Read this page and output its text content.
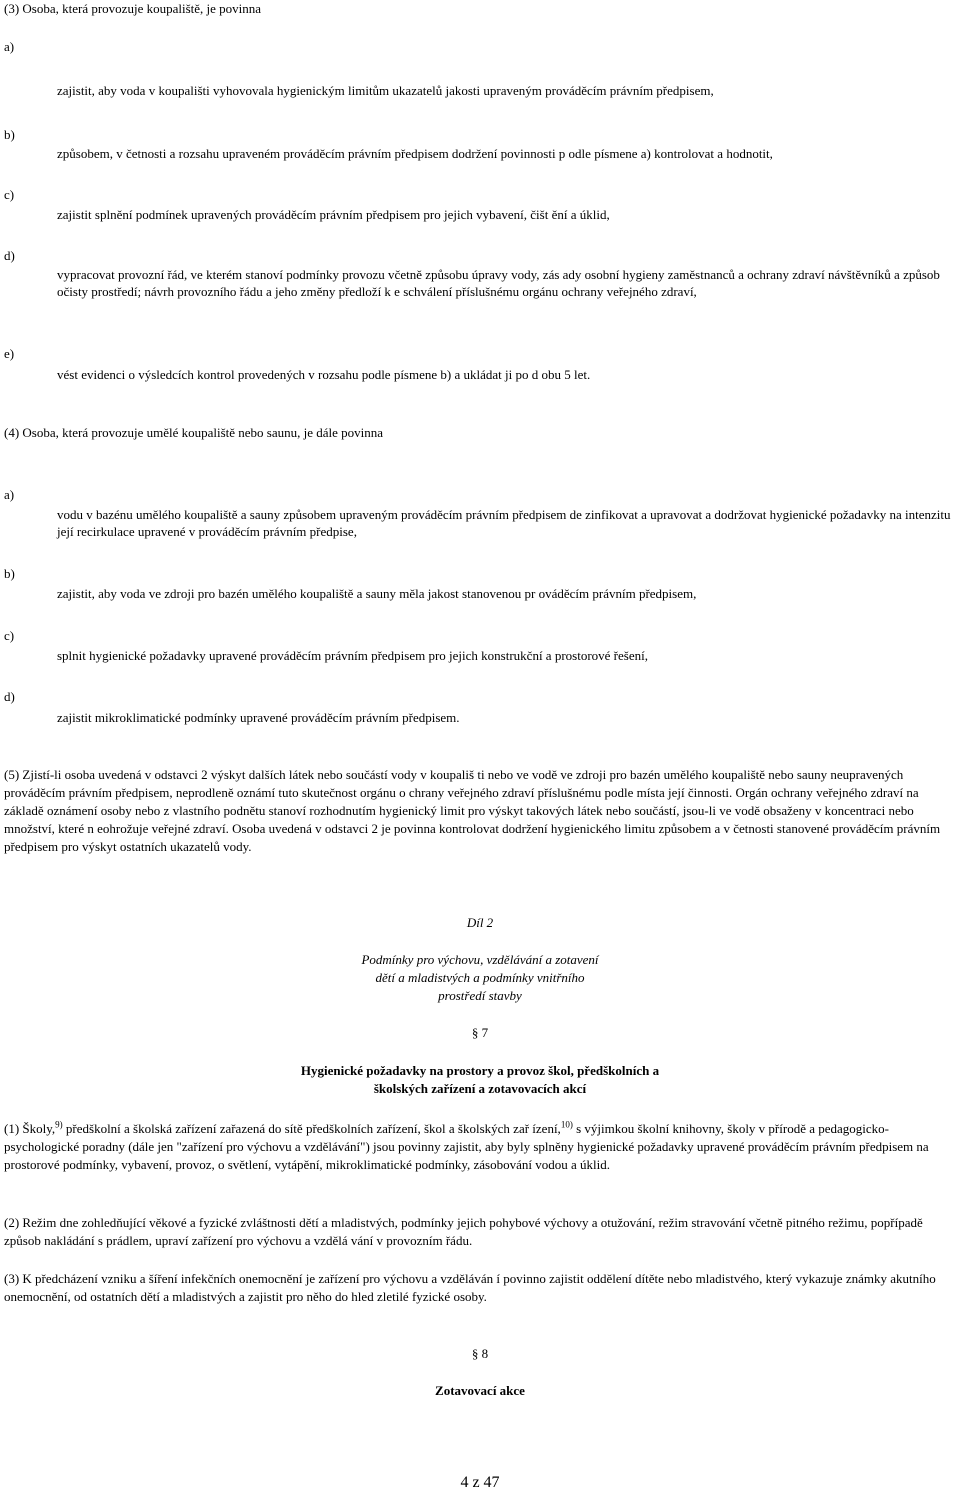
(3) Osoba, která provozuje koupaliště, je povinna
a)
zajistit, aby voda v koupališti vyhovovala hygienickým limitům ukazatelů jakosti upraveným prováděcím právním předpisem,
b)
způsobem, v četnosti a rozsahu upraveném prováděcím právním předpisem dodržení povinnosti p odle písmene a) kontrolovat a hodnotit,
c)
zajistit splnění podmínek upravených prováděcím právním předpisem pro jejich vybavení, čišt ění a úklid,
d)
vypracovat provozní řád, ve kterém stanoví podmínky provozu včetně způsobu úpravy vody, zás ady osobní hygieny zaměstnanců a ochrany zdraví návštěvníků a způsob očisty prostředí; návrh provozního řádu a jeho změny předloží k e schválení příslušnému orgánu ochrany veřejného zdraví,
e)
vést evidenci o výsledcích kontrol provedených v rozsahu podle písmene b) a ukládat ji po d obu 5 let.
(4) Osoba, která provozuje umělé koupaliště nebo saunu, je dále povinna
a)
vodu v bazénu umělého koupaliště a sauny způsobem upraveným prováděcím právním předpisem de zinfikovat a upravovat a dodržovat hygienické požadavky na intenzitu její recirkulace upravené v prováděcím právním předpise,
b)
zajistit, aby voda ve zdroji pro bazén umělého koupaliště a sauny měla jakost stanovenou pr ováděcím právním předpisem,
c)
splnit hygienické požadavky upravené prováděcím právním předpisem pro jejich konstrukční a prostorové řešení,
d)
zajistit mikroklimatické podmínky upravené prováděcím právním předpisem.
(5) Zjistí-li osoba uvedená v odstavci 2 výskyt dalších látek nebo součástí vody v koupališ ti nebo ve vodě ve zdroji pro bazén umělého koupaliště nebo sauny neupravených prováděcím právním předpisem, neprodleně oznámí tuto skutečnost orgánu o chrany veřejného zdraví příslušnému podle místa její činnosti. Orgán ochrany veřejného zdraví na základě oznámení osoby nebo z vlastního podnětu stanoví rozhodnutím hygienický limit pro výskyt takových látek nebo součástí, jsou-li ve vodě obsaženy v koncentraci nebo množství, které n eohrožuje veřejné zdraví. Osoba uvedená v odstavci 2 je povinna kontrolovat dodržení hygienického limitu způsobem a v četnosti stanovené prováděcím právním předpisem pro výskyt ostatních ukazatelů vody.
Díl 2
Podmínky pro výchovu, vzdělávání a zotavení
dětí a mladistvých a podmínky vnitřního
prostředí stavby
§ 7
Hygienické požadavky na prostory a provoz škol, předškolních a
školských zařízení a zotavovacích akcí
(1) Školy,$^{9)}$ předškolní a školská zařízení zařazená do sítě předškolních zařízení, škol a školských zař ízení,$^{10)}$ s výjimkou školní knihovny, školy v přírodě a pedagogicko-psychologické poradny (dále jen "zařízení pro výchovu a vzdělávání") jsou povinny zajistit, aby byly splněny hygienické požadavky upravené prováděcím právním předpisem na prostorové podmínky, vybavení, provoz, o světlení, vytápění, mikroklimatické podmínky, zásobování vodou a úklid.
(2) Režim dne zohledňující věkové a fyzické zvláštnosti dětí a mladistvých, podmínky jejich pohybové výchovy a otužování, režim stravování včetně pitného režimu, popřípadě způsob nakládání s prádlem, upraví zařízení pro výchovu a vzdělá vání v provozním řádu.
(3) K předcházení vzniku a šíření infekčních onemocnění je zařízení pro výchovu a vzděláván í povinno zajistit oddělení dítěte nebo mladistvého, který vykazuje známky akutního onemocnění, od ostatních dětí a mladistvých a zajistit pro něho do hled zletilé fyzické osoby.
§ 8
Zotavovací akce
4 z 47
